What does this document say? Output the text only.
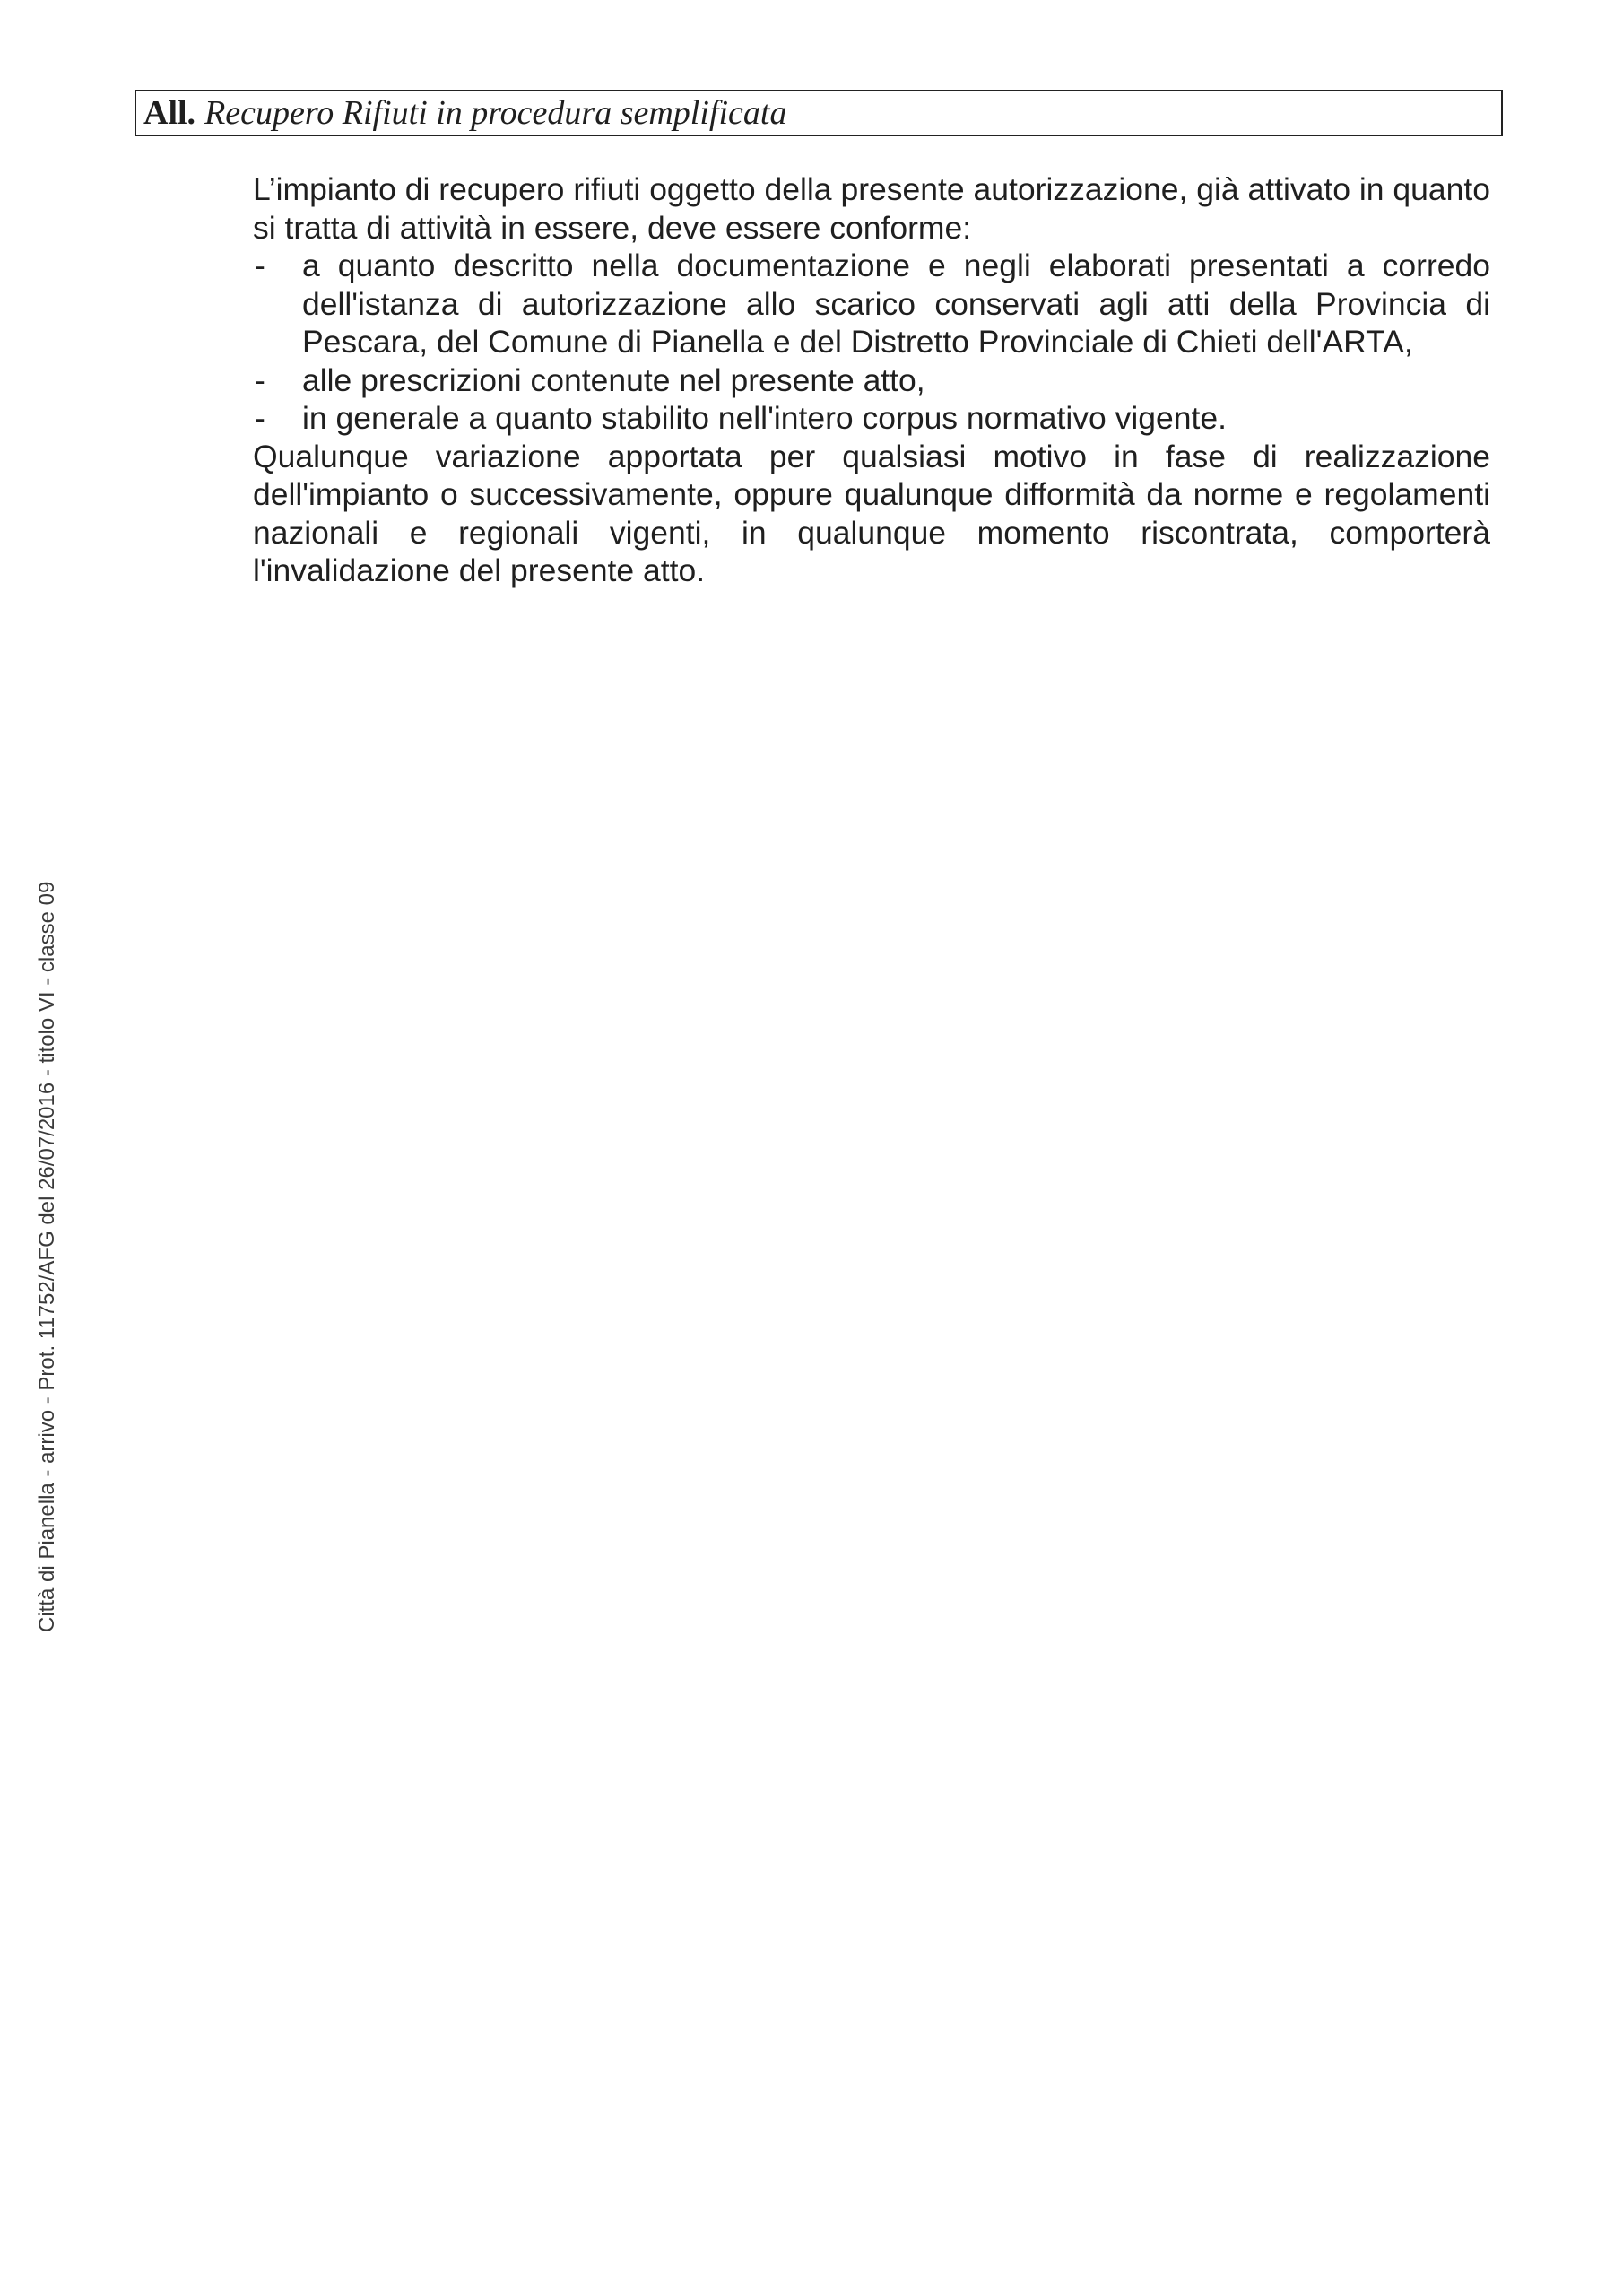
All. Recupero Rifiuti in procedura semplificata

L’impianto di recupero rifiuti oggetto della presente autorizzazione, già attivato in quanto si tratta di attività in essere, deve essere conforme:

- a quanto descritto nella documentazione e negli elaborati presentati a corredo dell'istanza di autorizzazione allo scarico conservati agli atti della Provincia di Pescara, del Comune di Pianella e del Distretto Provinciale di Chieti dell'ARTA,
- alle prescrizioni contenute nel presente atto,
- in generale a quanto stabilito nell'intero corpus normativo vigente.

Qualunque variazione apportata per qualsiasi motivo in fase di realizzazione dell'impianto o successivamente, oppure qualunque difformità da norme e regolamenti nazionali e regionali vigenti, in qualunque momento riscontrata, comporterà l'invalidazione del presente atto.

Città di Pianella - arrivo - Prot. 11752/AFG del 26/07/2016 - titolo VI - classe 09
